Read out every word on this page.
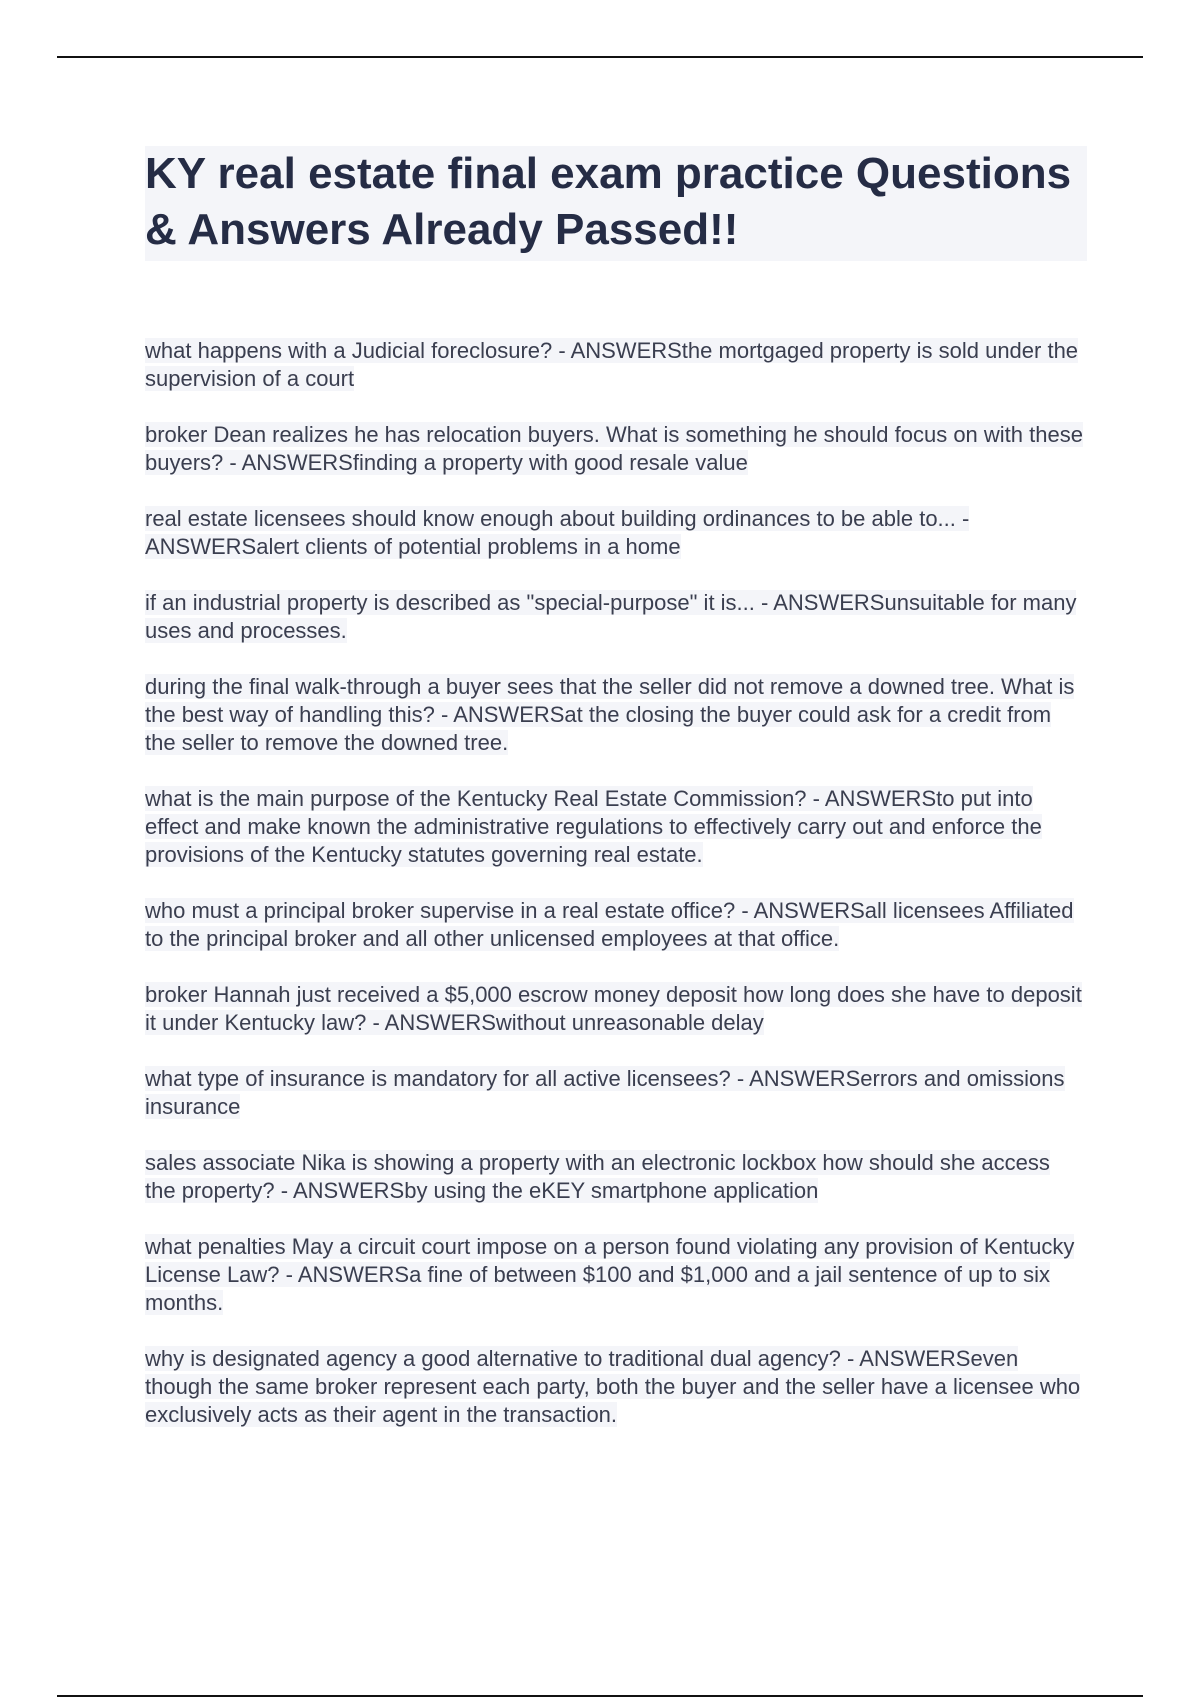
KY real estate final exam practice Questions & Answers Already Passed!!

what happens with a Judicial foreclosure? - ANSWERSthe mortgaged property is sold under the supervision of a court

broker Dean realizes he has relocation buyers. What is something he should focus on with these buyers? - ANSWERSfinding a property with good resale value

real estate licensees should know enough about building ordinances to be able to... - ANSWERSalert clients of potential problems in a home

if an industrial property is described as "special-purpose" it is... - ANSWERSunsuitable for many uses and processes.

during the final walk-through a buyer sees that the seller did not remove a downed tree. What is the best way of handling this? - ANSWERSat the closing the buyer could ask for a credit from the seller to remove the downed tree.

what is the main purpose of the Kentucky Real Estate Commission? - ANSWERSto put into effect and make known the administrative regulations to effectively carry out and enforce the provisions of the Kentucky statutes governing real estate.

who must a principal broker supervise in a real estate office? - ANSWERSall licensees Affiliated to the principal broker and all other unlicensed employees at that office.

broker Hannah just received a $5,000 escrow money deposit how long does she have to deposit it under Kentucky law? - ANSWERSwithout unreasonable delay

what type of insurance is mandatory for all active licensees? - ANSWERSerrors and omissions insurance

sales associate Nika is showing a property with an electronic lockbox how should she access the property? - ANSWERSby using the eKEY smartphone application

what penalties May a circuit court impose on a person found violating any provision of Kentucky License Law? - ANSWERSa fine of between $100 and $1,000 and a jail sentence of up to six months.

why is designated agency a good alternative to traditional dual agency? - ANSWERSeven though the same broker represent each party, both the buyer and the seller have a licensee who exclusively acts as their agent in the transaction.
